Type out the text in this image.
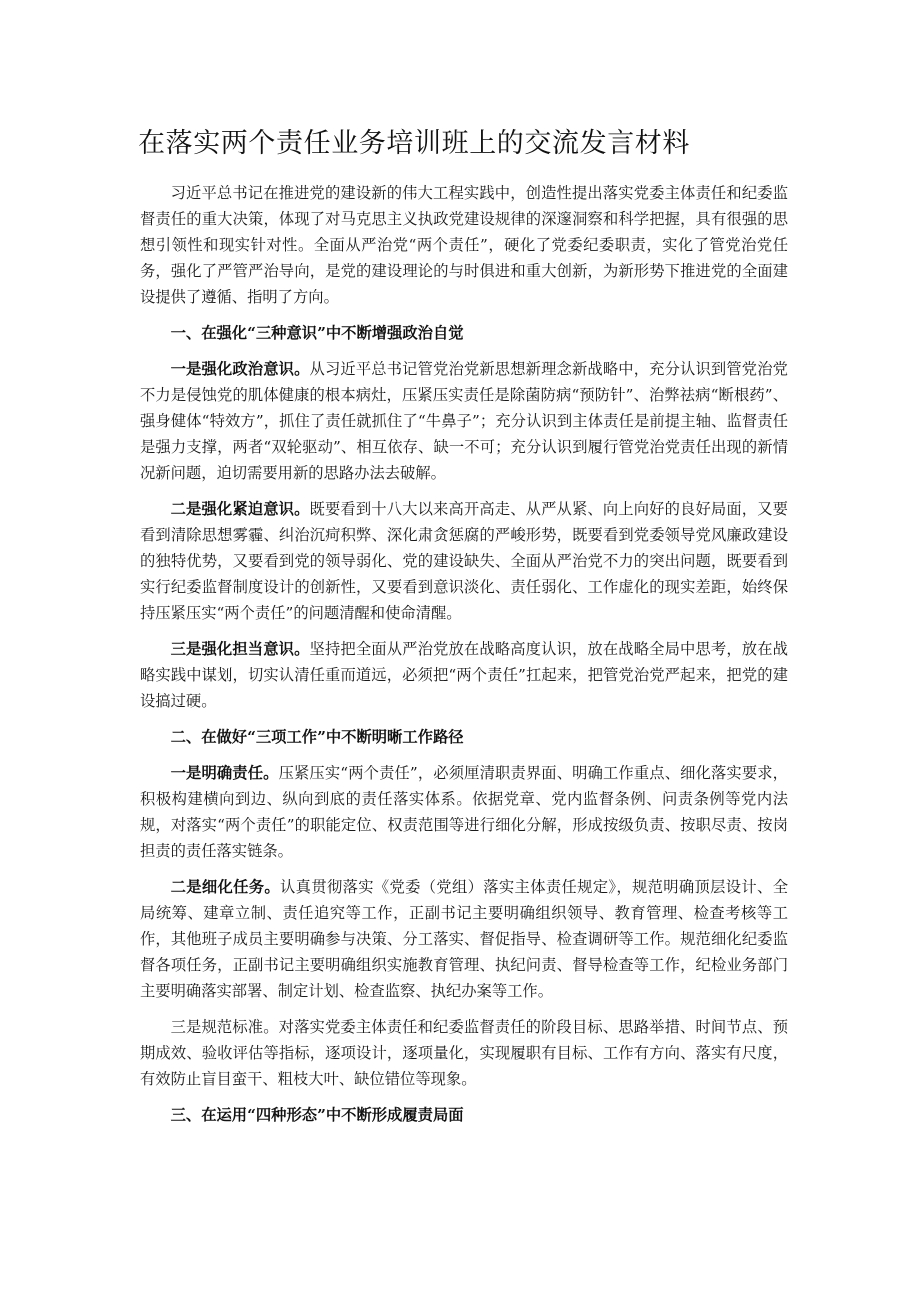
在落实两个责任业务培训班上的交流发言材料

习近平总书记在推进党的建设新的伟大工程实践中，创造性提出落实党委主体责任和纪委监督责任的重大决策，体现了对马克思主义执政党建设规律的深邃洞察和科学把握，具有很强的思想引领性和现实针对性。全面从严治党“两个责任”，硬化了党委纪委职责，实化了管党治党任务，强化了严管严治导向，是党的建设理论的与时俱进和重大创新，为新形势下推进党的全面建设提供了遵循、指明了方向。

一、在强化“三种意识”中不断增强政治自觉

一是强化政治意识。从习近平总书记管党治党新思想新理念新战略中，充分认识到管党治党不力是侵蚀党的肌体健康的根本病灶，压紧压实责任是除菌防病“预防针”、治弊祛病“断根药”、强身健体“特效方”，抓住了责任就抓住了“牛鼻子”；充分认识到主体责任是前提主轴、监督责任是强力支撑，两者“双轮驱动”、相互依存、缺一不可；充分认识到履行管党治党责任出现的新情况新问题，迫切需要用新的思路办法去破解。

二是强化紧迫意识。既要看到十八大以来高开高走、从严从紧、向上向好的良好局面，又要看到清除思想雾霾、纠治沉疴积弊、深化肃贪惩腐的严峻形势，既要看到党委领导党风廉政建设的独特优势，又要看到党的领导弱化、党的建设缺失、全面从严治党不力的突出问题，既要看到实行纪委监督制度设计的创新性，又要看到意识淡化、责任弱化、工作虚化的现实差距，始终保持压紧压实“两个责任”的问题清醒和使命清醒。

三是强化担当意识。坚持把全面从严治党放在战略高度认识，放在战略全局中思考，放在战略实践中谋划，切实认清任重而道远，必须把“两个责任”扛起来，把管党治党严起来，把党的建设搞过硬。

二、在做好“三项工作”中不断明晰工作路径

一是明确责任。压紧压实“两个责任”，必须厘清职责界面、明确工作重点、细化落实要求，积极构建横向到边、纵向到底的责任落实体系。依据党章、党内监督条例、问责条例等党内法规，对落实“两个责任”的职能定位、权责范围等进行细化分解，形成按级负责、按职尽责、按岗担责的责任落实链条。

二是细化任务。认真贯彻落实《党委（党组）落实主体责任规定》，规范明确顶层设计、全局统筹、建章立制、责任追究等工作，正副书记主要明确组织领导、教育管理、检查考核等工作，其他班子成员主要明确参与决策、分工落实、督促指导、检查调研等工作。规范细化纪委监督各项任务，正副书记主要明确组织实施教育管理、执纪问责、督导检查等工作，纪检业务部门主要明确落实部署、制定计划、检查监察、执纪办案等工作。

三是规范标准。对落实党委主体责任和纪委监督责任的阶段目标、思路举措、时间节点、预期成效、验收评估等指标，逐项设计，逐项量化，实现履职有目标、工作有方向、落实有尺度，有效防止盲目蛮干、粗枝大叶、缺位错位等现象。

三、在运用“四种形态”中不断形成履责局面
